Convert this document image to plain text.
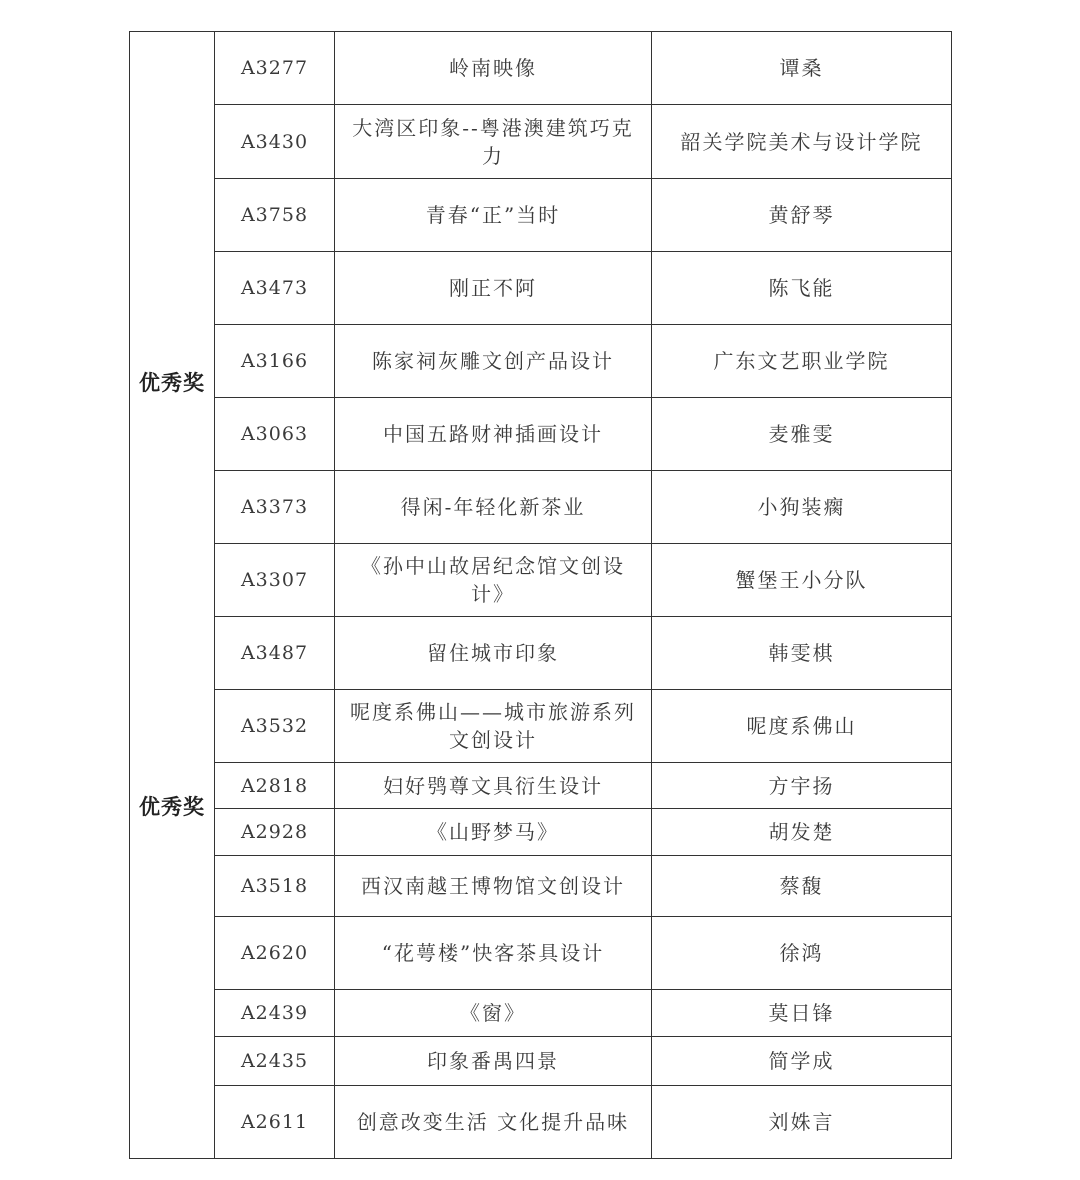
优秀奖
优秀奖	A3277	岭南映像	谭桑
	A3430	大湾区印象--粤港澳建筑巧克力	韶关学院美术与设计学院
	A3758	青春“正”当时	黄舒琴
	A3473	刚正不阿	陈飞能
	A3166	陈家祠灰雕文创产品设计	广东文艺职业学院
	A3063	中国五路财神插画设计	麦雅雯
	A3373	得闲-年轻化新茶业	小狗装瘸
	A3307	《孙中山故居纪念馆文创设计》	蟹堡王小分队
	A3487	留住城市印象	韩雯棋
	A3532	呢度系佛山——城市旅游系列文创设计	呢度系佛山
	A2818	妇好鸮尊文具衍生设计	方宇扬
	A2928	《山野梦马》	胡发楚
	A3518	西汉南越王博物馆文创设计	蔡馥
	A2620	“花萼楼”快客茶具设计	徐鸿
	A2439	《窗》	莫日锋
	A2435	印象番禺四景	简学成
	A2611	创意改变生活 文化提升品味	刘姝言
